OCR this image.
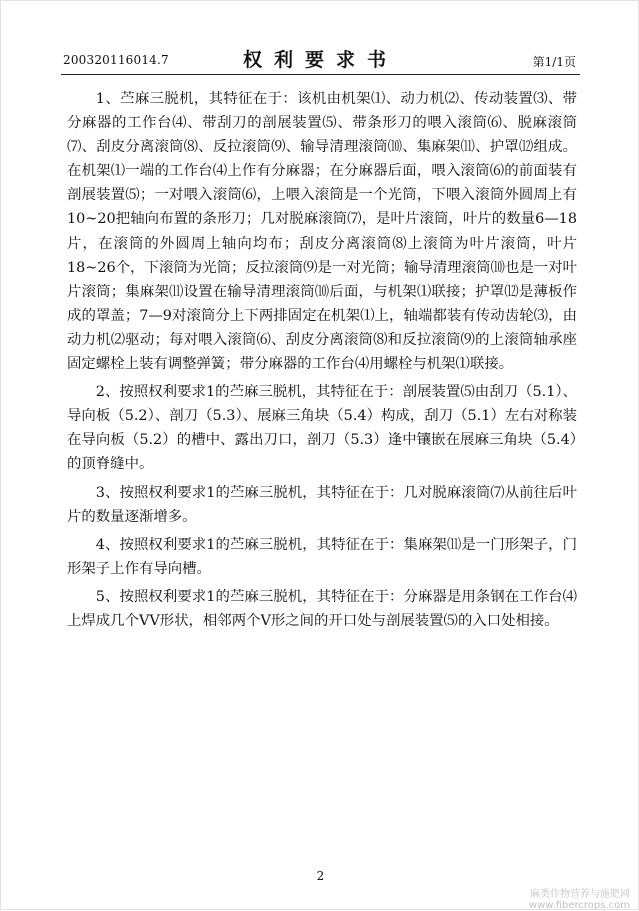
200320116014.7	权利要求书	第1/1页

1、苎麻三脱机，其特征在于：该机由机架⑴、动力机⑵、传动装置⑶、带分麻器的工作台⑷、带刮刀的剖展装置⑸、带条形刀的喂入滚筒⑹、脱麻滚筒⑺、刮皮分离滚筒⑻、反拉滚筒⑼、输导清理滚筒⑽、集麻架⑾、护罩⑿组成。在机架⑴一端的工作台⑷上作有分麻器；在分麻器后面，喂入滚筒⑹的前面装有剖展装置⑸；一对喂入滚筒⑹，上喂入滚筒是一个光筒，下喂入滚筒外圆周上有10~20把轴向布置的条形刀；几对脱麻滚筒⑺，是叶片滚筒，叶片的数量6—18片，在滚筒的外圆周上轴向均布；刮皮分离滚筒⑻上滚筒为叶片滚筒，叶片18~26个，下滚筒为光筒；反拉滚筒⑼是一对光筒；输导清理滚筒⑽也是一对叶片滚筒；集麻架⑾设置在输导清理滚筒⑽后面，与机架⑴联接；护罩⑿是薄板作成的罩盖；7—9对滚筒分上下两排固定在机架⑴上，轴端都装有传动齿轮⑶，由动力机⑵驱动；每对喂入滚筒⑹、刮皮分离滚筒⑻和反拉滚筒⑼的上滚筒轴承座固定螺栓上装有调整弹簧；带分麻器的工作台⑷用螺栓与机架⑴联接。

2、按照权利要求1的苎麻三脱机，其特征在于：剖展装置⑸由刮刀（5.1）、导向板（5.2）、剖刀（5.3）、展麻三角块（5.4）构成，刮刀（5.1）左右对称装在导向板（5.2）的槽中、露出刀口，剖刀（5.3）逢中镶嵌在展麻三角块（5.4）的顶脊缝中。

3、按照权利要求1的苎麻三脱机，其特征在于：几对脱麻滚筒⑺从前往后叶片的数量逐渐增多。

4、按照权利要求1的苎麻三脱机，其特征在于：集麻架⑾是一门形架子，门形架子上作有导向槽。

5、按照权利要求1的苎麻三脱机，其特征在于：分麻器是用条钢在工作台⑷上焊成几个VV形状，相邻两个V形之间的开口处与剖展装置⑸的入口处相接。

2
麻类作物营养与施肥网
www.fibercrops.com
